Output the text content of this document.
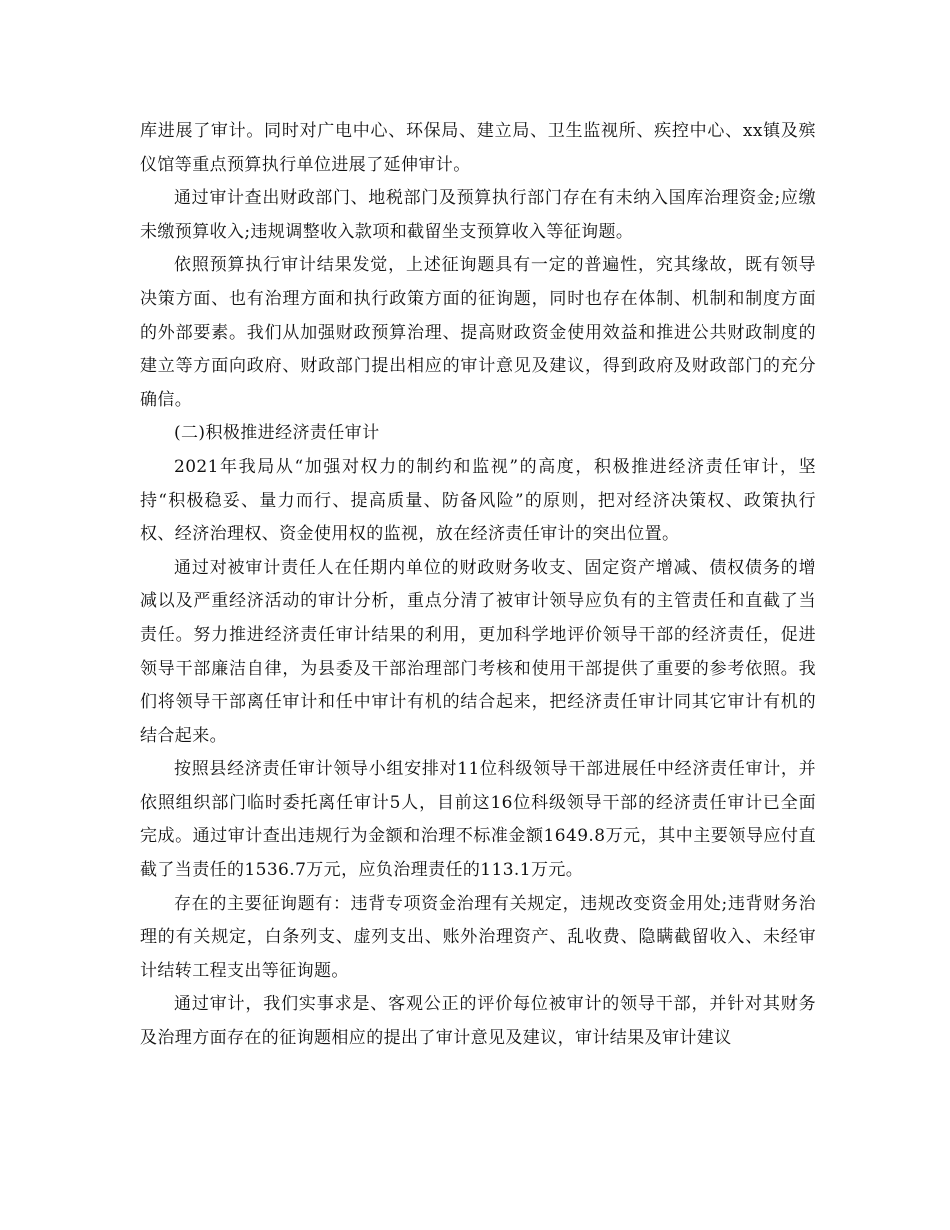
库进展了审计。同时对广电中心、环保局、建立局、卫生监视所、疾控中心、xx镇及殡仪馆等重点预算执行单位进展了延伸审计。

通过审计查出财政部门、地税部门及预算执行部门存在有未纳入国库治理资金;应缴未缴预算收入;违规调整收入款项和截留坐支预算收入等征询题。

依照预算执行审计结果发觉，上述征询题具有一定的普遍性，究其缘故，既有领导决策方面、也有治理方面和执行政策方面的征询题，同时也存在体制、机制和制度方面的外部要素。我们从加强财政预算治理、提高财政资金使用效益和推进公共财政制度的建立等方面向政府、财政部门提出相应的审计意见及建议，得到政府及财政部门的充分确信。

(二)积极推进经济责任审计

2021年我局从“加强对权力的制约和监视”的高度，积极推进经济责任审计，坚持“积极稳妥、量力而行、提高质量、防备风险”的原则，把对经济决策权、政策执行权、经济治理权、资金使用权的监视，放在经济责任审计的突出位置。

通过对被审计责任人在任期内单位的财政财务收支、固定资产增减、债权债务的增减以及严重经济活动的审计分析，重点分清了被审计领导应负有的主管责任和直截了当责任。努力推进经济责任审计结果的利用，更加科学地评价领导干部的经济责任，促进领导干部廉洁自律，为县委及干部治理部门考核和使用干部提供了重要的参考依照。我们将领导干部离任审计和任中审计有机的结合起来，把经济责任审计同其它审计有机的结合起来。

按照县经济责任审计领导小组安排对11位科级领导干部进展任中经济责任审计，并依照组织部门临时委托离任审计5人，目前这16位科级领导干部的经济责任审计已全面完成。通过审计查出违规行为金额和治理不标准金额1649.8万元，其中主要领导应付直截了当责任的1536.7万元，应负治理责任的113.1万元。

存在的主要征询题有：违背专项资金治理有关规定，违规改变资金用处;违背财务治理的有关规定，白条列支、虚列支出、账外治理资产、乱收费、隐瞒截留收入、未经审计结转工程支出等征询题。

通过审计，我们实事求是、客观公正的评价每位被审计的领导干部，并针对其财务及治理方面存在的征询题相应的提出了审计意见及建议，审计结果及审计建议
